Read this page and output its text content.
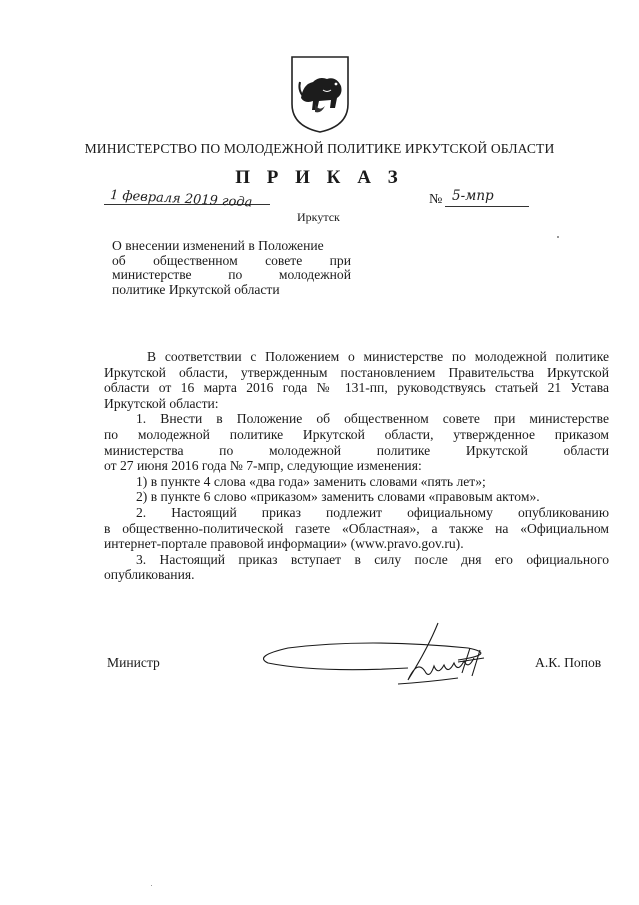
МИНИСТЕРСТВО ПО МОЛОДЕЖНОЙ ПОЛИТИКЕ ИРКУТСКОЙ ОБЛАСТИ
П Р И К А З
1 февраля 2019 года	№ 5-мпр
Иркутск
О внесении изменений в Положение
об общественном совете при
министерстве по молодежной
политике Иркутской области
В соответствии с Положением о министерстве по молодежной политике
Иркутской области, утвержденным постановлением Правительства Иркутской
области от 16 марта 2016 года № 131-пп, руководствуясь статьей 21 Устава
Иркутской области:
1. Внести в Положение об общественном совете при министерстве
по молодежной политике Иркутской области, утвержденное приказом
министерства по молодежной политике Иркутской области
от 27 июня 2016 года № 7-мпр, следующие изменения:
1) в пункте 4 слова «два года» заменить словами «пять лет»;
2) в пункте 6 слово «приказом» заменить словами «правовым актом».
2. Настоящий приказ подлежит официальному опубликованию
в общественно-политической газете «Областная», а также на «Официальном
интернет-портале правовой информации» (www.pravo.gov.ru).
3. Настоящий приказ вступает в силу после дня его официального
опубликования.
Министр	А.К. Попов
